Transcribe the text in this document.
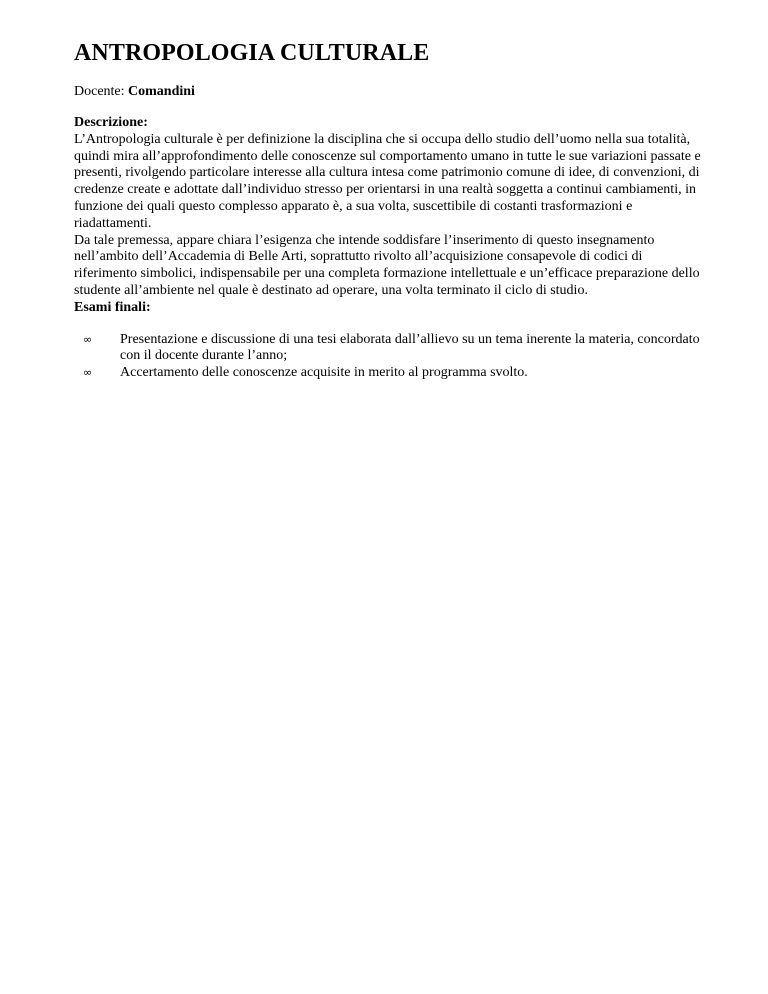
ANTROPOLOGIA CULTURALE
Docente: Comandini
Descrizione:

L’Antropologia culturale è per definizione la disciplina che si occupa dello studio dell’uomo nella sua totalità, quindi mira all’approfondimento delle conoscenze sul comportamento umano in tutte le sue variazioni passate e presenti, rivolgendo particolare interesse alla cultura intesa come patrimonio comune di idee, di convenzioni, di credenze create e adottate dall’individuo stresso per orientarsi in una realtà soggetta a continui cambiamenti, in funzione dei quali questo complesso apparato è, a sua volta, suscettibile di costanti trasformazioni e riadattamenti.

Da tale premessa, appare chiara l’esigenza che intende soddisfare l’inserimento di questo insegnamento nell’ambito dell’Accademia di Belle Arti, soprattutto rivolto all’acquisizione consapevole di codici di riferimento simbolici, indispensabile per una completa formazione intellettuale e un’efficace preparazione dello studente all’ambiente nel quale è destinato ad operare, una volta terminato il ciclo di studio.

Esami finali:
∞ Presentazione e discussione di una tesi elaborata dall’allievo su un tema inerente la materia, concordato con il docente durante l’anno;
∞ Accertamento delle conoscenze acquisite in merito al programma svolto.
